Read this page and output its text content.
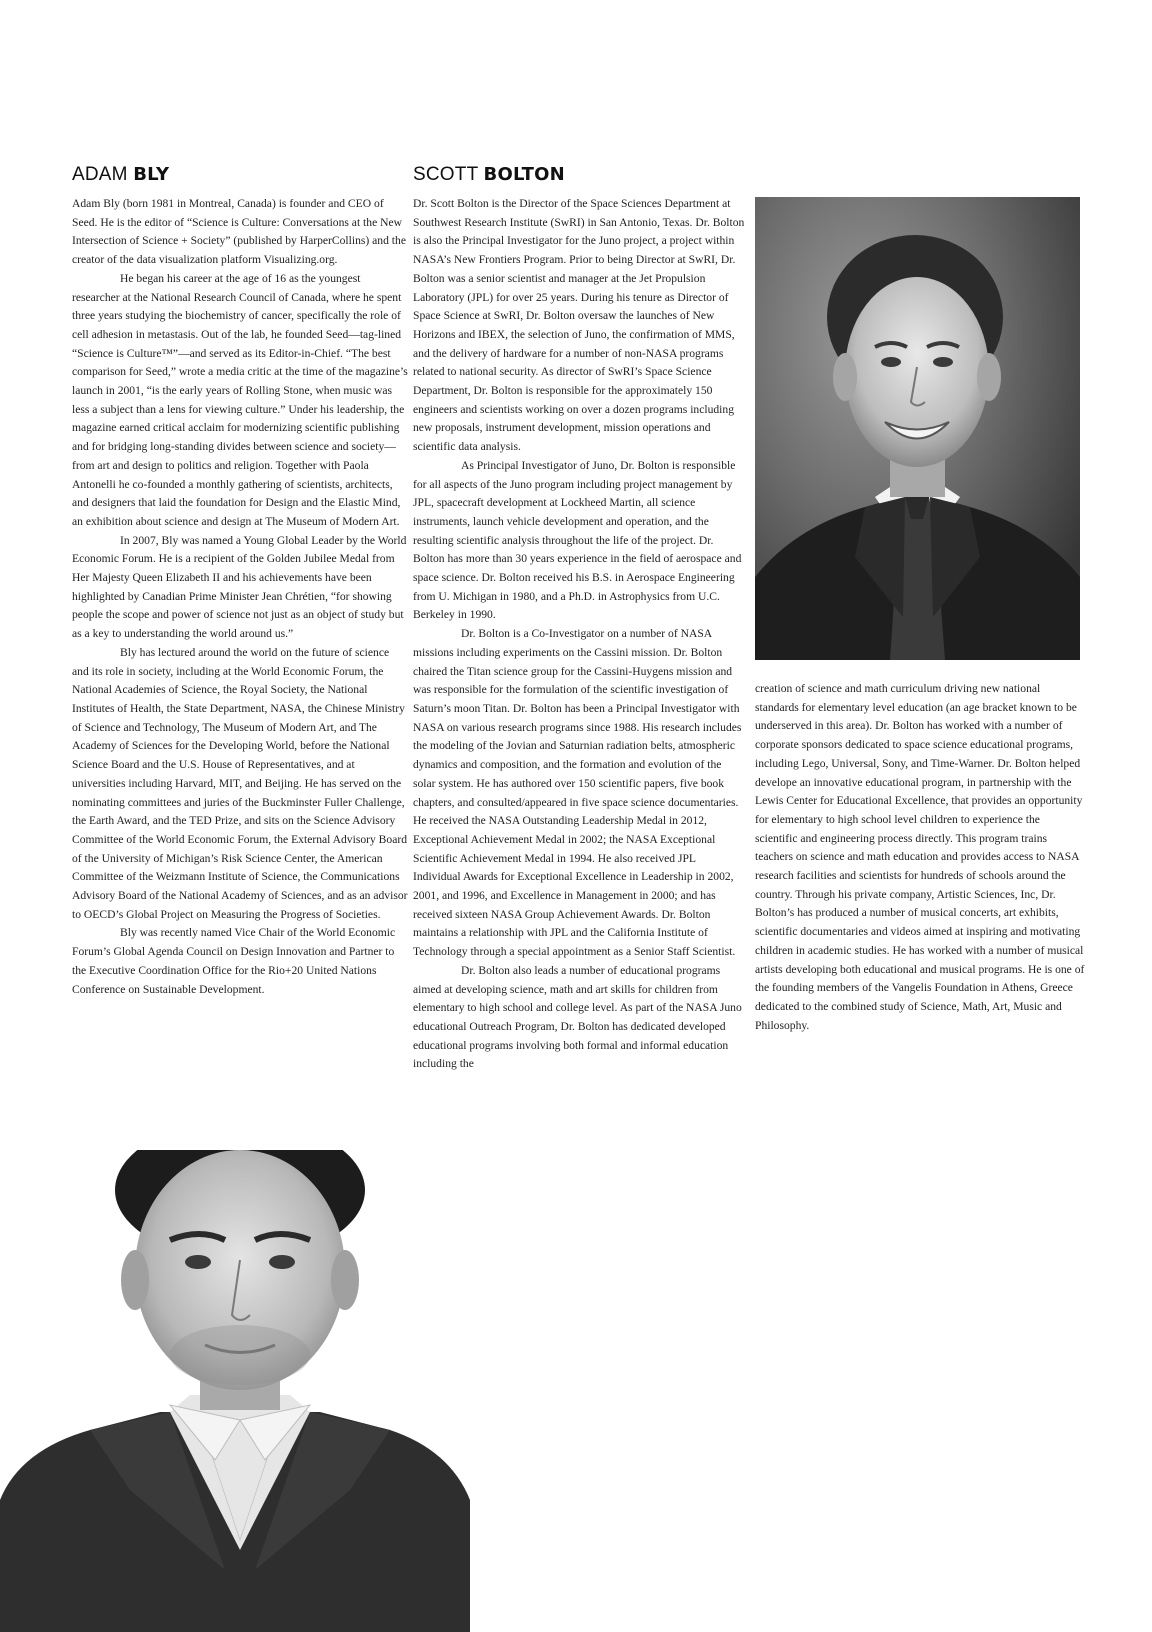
ADAM BLY

Adam Bly (born 1981 in Montreal, Canada) is founder and CEO of Seed. He is the editor of “Science is Culture: Conversations at the New Intersection of Science + Society” (published by HarperCollins) and the creator of the data visualization platform Visualizing.org.

He began his career at the age of 16 as the youngest researcher at the National Research Council of Canada, where he spent three years studying the biochemistry of cancer, specifically the role of cell adhesion in metastasis. Out of the lab, he founded Seed—tag-lined “Science is Culture™”—and served as its Editor-in-Chief. “The best comparison for Seed,” wrote a media critic at the time of the magazine’s launch in 2001, “is the early years of Rolling Stone, when music was less a subject than a lens for viewing culture.” Under his leadership, the magazine earned critical acclaim for modernizing scientific publishing and for bridging long-standing divides between science and society—from art and design to politics and religion. Together with Paola Antonelli he co-founded a monthly gathering of scientists, architects, and designers that laid the foundation for Design and the Elastic Mind, an exhibition about science and design at The Museum of Modern Art.

In 2007, Bly was named a Young Global Leader by the World Economic Forum. He is a recipient of the Golden Jubilee Medal from Her Majesty Queen Elizabeth II and his achievements have been highlighted by Canadian Prime Minister Jean Chrétien, “for showing people the scope and power of science not just as an object of study but as a key to understanding the world around us.”

Bly has lectured around the world on the future of science and its role in society, including at the World Economic Forum, the National Academies of Science, the Royal Society, the National Institutes of Health, the State Department, NASA, the Chinese Ministry of Science and Technology, The Museum of Modern Art, and The Academy of Sciences for the Developing World, before the National Science Board and the U.S. House of Representatives, and at universities including Harvard, MIT, and Beijing. He has served on the nominating committees and juries of the Buckminster Fuller Challenge, the Earth Award, and the TED Prize, and sits on the Science Advisory Committee of the World Economic Forum, the External Advisory Board of the University of Michigan’s Risk Science Center, the American Committee of the Weizmann Institute of Science, the Communications Advisory Board of the National Academy of Sciences, and as an advisor to OECD’s Global Project on Measuring the Progress of Societies.

Bly was recently named Vice Chair of the World Economic Forum’s Global Agenda Council on Design Innovation and Partner to the Executive Coordination Office for the Rio+20 United Nations Conference on Sustainable Development.

SCOTT BOLTON

Dr. Scott Bolton is the Director of the Space Sciences Department at Southwest Research Institute (SwRI) in San Antonio, Texas. Dr. Bolton is also the Principal Investigator for the Juno project, a project within NASA’s New Frontiers Program. Prior to being Director at SwRI, Dr. Bolton was a senior scientist and manager at the Jet Propulsion Laboratory (JPL) for over 25 years. During his tenure as Director of Space Science at SwRI, Dr. Bolton oversaw the launches of New Horizons and IBEX, the selection of Juno, the confirmation of MMS, and the delivery of hardware for a number of non-NASA programs related to national security. As director of SwRI’s Space Science Department, Dr. Bolton is responsible for the approximately 150 engineers and scientists working on over a dozen programs including new proposals, instrument development, mission operations and scientific data analysis.

As Principal Investigator of Juno, Dr. Bolton is responsible for all aspects of the Juno program including project management by JPL, spacecraft development at Lockheed Martin, all science instruments, launch vehicle development and operation, and the resulting scientific analysis throughout the life of the project. Dr. Bolton has more than 30 years experience in the field of aerospace and space science. Dr. Bolton received his B.S. in Aerospace Engineering from U. Michigan in 1980, and a Ph.D. in Astrophysics from U.C. Berkeley in 1990.

Dr. Bolton is a Co-Investigator on a number of NASA missions including experiments on the Cassini mission. Dr. Bolton chaired the Titan science group for the Cassini-Huygens mission and was responsible for the formulation of the scientific investigation of Saturn’s moon Titan. Dr. Bolton has been a Principal Investigator with NASA on various research programs since 1988. His research includes the modeling of the Jovian and Saturnian radiation belts, atmospheric dynamics and composition, and the formation and evolution of the solar system. He has authored over 150 scientific papers, five book chapters, and consulted/appeared in five space science documentaries. He received the NASA Outstanding Leadership Medal in 2012, Exceptional Achievement Medal in 2002; the NASA Exceptional Scientific Achievement Medal in 1994. He also received JPL Individual Awards for Exceptional Excellence in Leadership in 2002, 2001, and 1996, and Excellence in Management in 2000; and has received sixteen NASA Group Achievement Awards. Dr. Bolton maintains a relationship with JPL and the California Institute of Technology through a special appointment as a Senior Staff Scientist.

Dr. Bolton also leads a number of educational programs aimed at developing science, math and art skills for children from elementary to high school and college level. As part of the NASA Juno educational Outreach Program, Dr. Bolton has dedicated developed educational programs involving both formal and informal education including the

creation of science and math curriculum driving new national standards for elementary level education (an age bracket known to be underserved in this area). Dr. Bolton has worked with a number of corporate sponsors dedicated to space science educational programs, including Lego, Universal, Sony, and Time-Warner. Dr. Bolton helped develope an innovative educational program, in partnership with the Lewis Center for Educational Excellence, that provides an opportunity for elementary to high school level children to experience the scientific and engineering process directly. This program trains teachers on science and math education and provides access to NASA research facilities and scientists for hundreds of schools around the country. Through his private company, Artistic Sciences, Inc, Dr. Bolton’s has produced a number of musical concerts, art exhibits, scientific documentaries and videos aimed at inspiring and motivating children in academic studies. He has worked with a number of musical artists developing both educational and musical programs. He is one of the founding members of the Vangelis Foundation in Athens, Greece dedicated to the combined study of Science, Math, Art, Music and Philosophy.
